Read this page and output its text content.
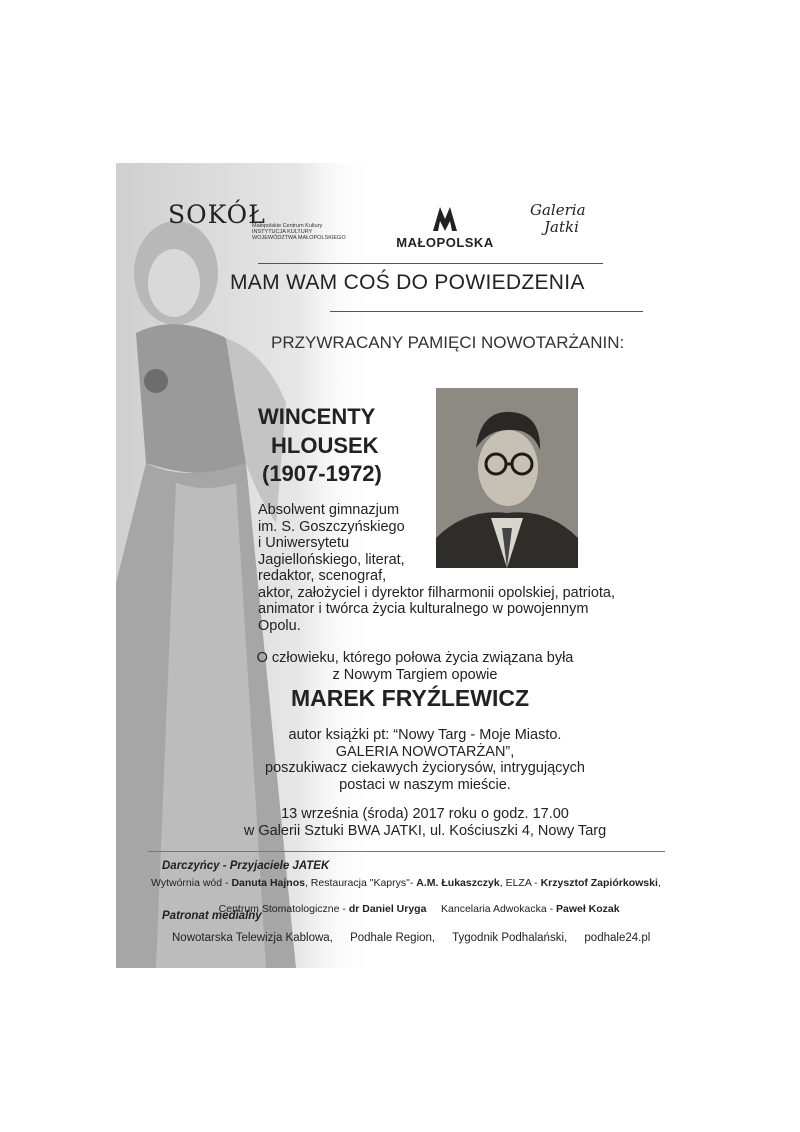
SOKÓŁ
Małopolskie Centrum Kultury
INSTYTUCJA KULTURY
WOJEWÓDZTWA MAŁOPOLSKIEGO	MAŁOPOLSKA
Galeria
Jatki
MAM WAM COŚ DO POWIEDZENIA
PRZYWRACANY PAMIĘCI NOWOTARŻANIN:
WINCENTY
HLOUSEK
(1907-1972)
Absolwent gimnazjum
im. S. Goszczyńskiego
i Uniwersytetu
Jagiellońskiego, literat,
redaktor, scenograf,
aktor, założyciel i dyrektor filharmonii opolskiej, patriota,
animator i twórca życia kulturalnego w powojennym
Opolu.
O człowieku, którego połowa życia związana była
z Nowym Targiem opowie
MAREK FRYŹLEWICZ
autor książki pt: “Nowy Targ - Moje Miasto.
GALERIA NOWOTARŻAN”,
poszukiwacz ciekawych życiorysów, intrygujących
postaci w naszym mieście.
13 września (środa) 2017 roku o godz. 17.00
w Galerii Sztuki BWA JATKI, ul. Kościuszki 4, Nowy Targ
Darczyńcy - Przyjaciele JATEK
Wytwórnia wód - Danuta Hajnos, Restauracja "Kaprys"- A.M. Łukaszczyk, ELZA - Krzysztof Zapiórkowski,

Centrum Stomatologiczne - dr Daniel Uryga     Kancelaria Adwokacka - Paweł Kozak

Patronat medialny
Nowotarska Telewizja Kablowa, Podhale Region, Tygodnik Podhalański, podhale24.pl
